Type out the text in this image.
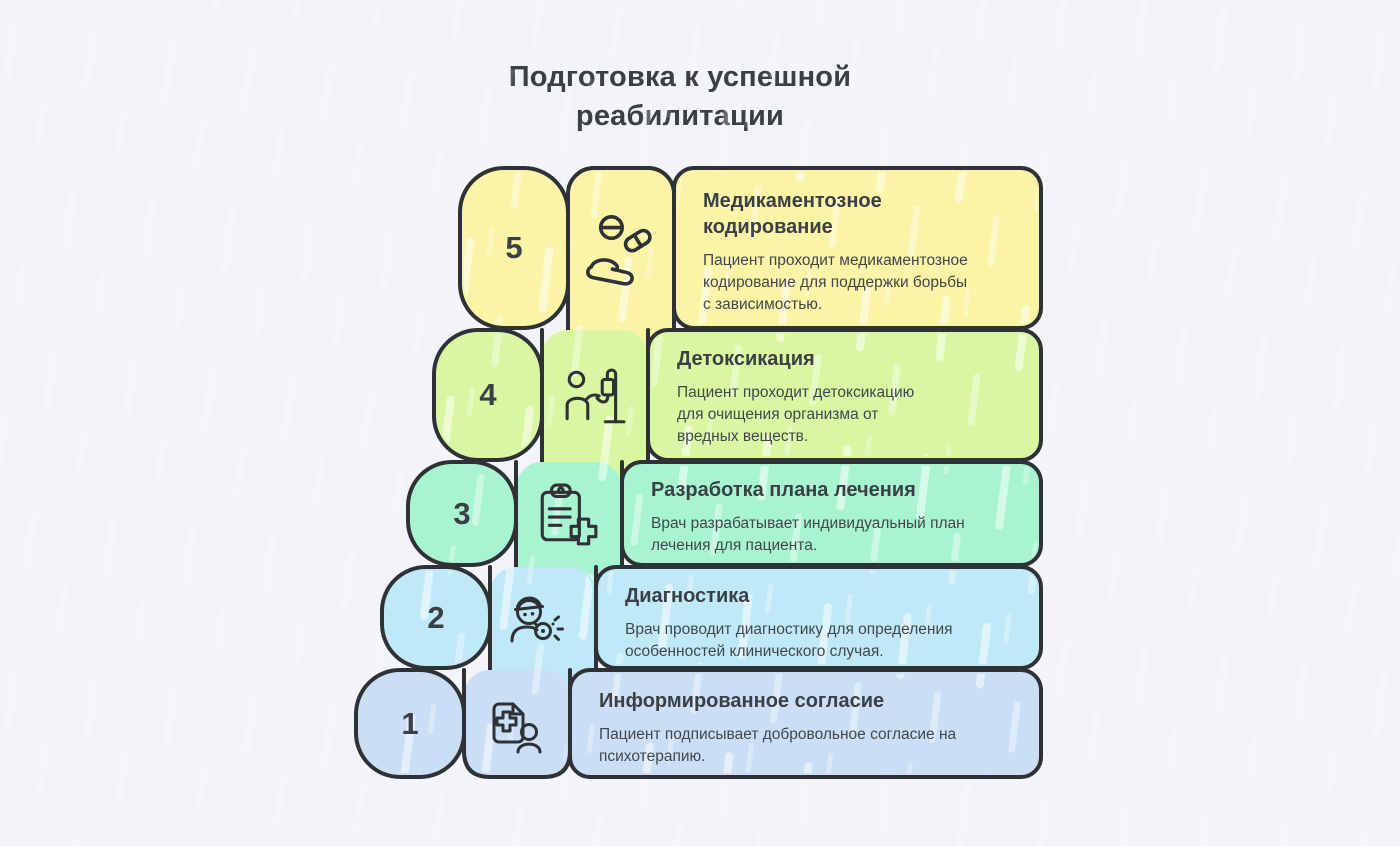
Подготовка к успешной реабилитации
5
4
3
2
1
Медикаментозное кодирование

Пациент проходит медикаментозное кодирование для поддержки борьбы с зависимостью.

Детоксикация

Пациент проходит детоксикацию для очищения организма от вредных веществ.

Разработка плана лечения

Врач разрабатывает индивидуальный план лечения для пациента.

Диагностика

Врач проводит диагностику для определения особенностей клинического случая.

Информированное согласие

Пациент подписывает добровольное согласие на психотерапию.
